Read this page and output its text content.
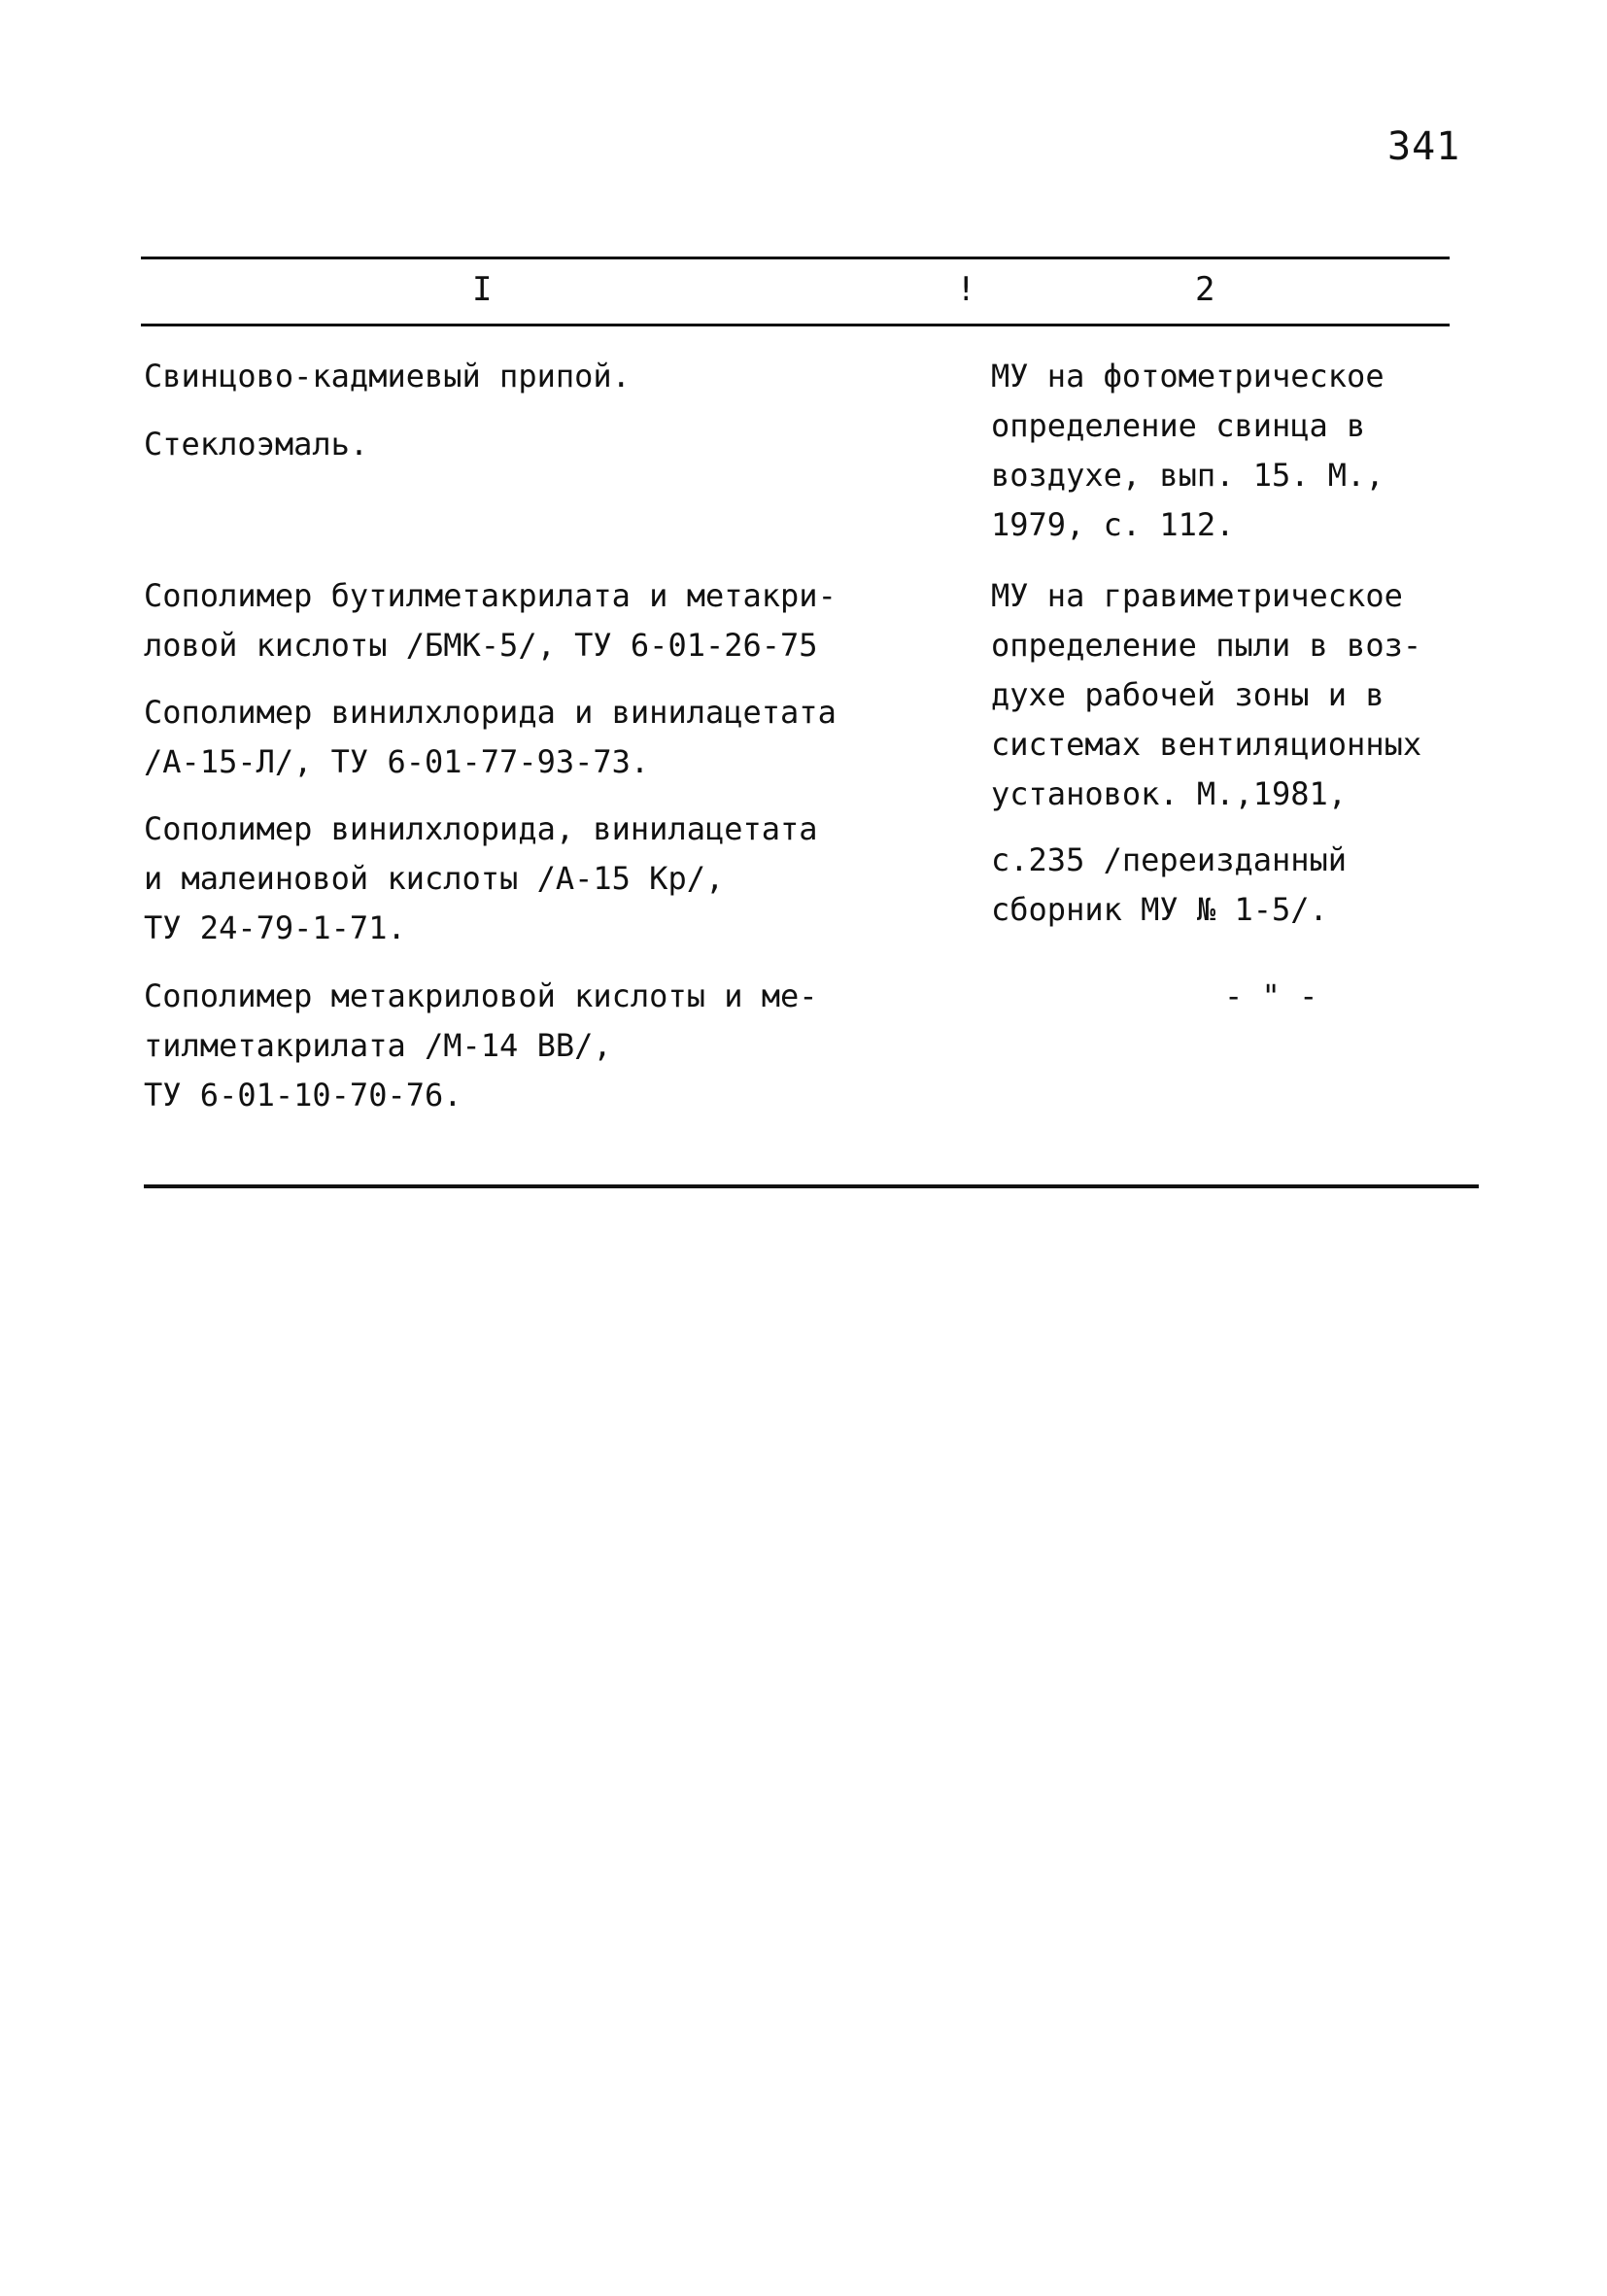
341
I	!	2

Свинцово-кадмиевый припой.

Стеклоэмаль.

Сополимер бутилметакрилата и метакри-

ловой кислоты /БМК-5/, ТУ 6-01-26-75

Сополимер винилхлорида и винилацетата

/А-15-Л/, ТУ 6-01-77-93-73.

Сополимер винилхлорида, винилацетата

и малеиновой кислоты /А-15 Кр/,

ТУ 24-79-1-71.

Сополимер метакриловой кислоты и ме-

тилметакрилата /М-14 ВВ/,

ТУ 6-01-10-70-76.

МУ на фотометрическое

определение свинца в

воздухе, вып. 15. М.,

1979, с. 112.

МУ на гравиметрическое

определение пыли в воз-

духе рабочей зоны и в

системах вентиляционных

установок. М.,1981,

с.235 /переизданный

сборник МУ № 1-5/.

- " -
